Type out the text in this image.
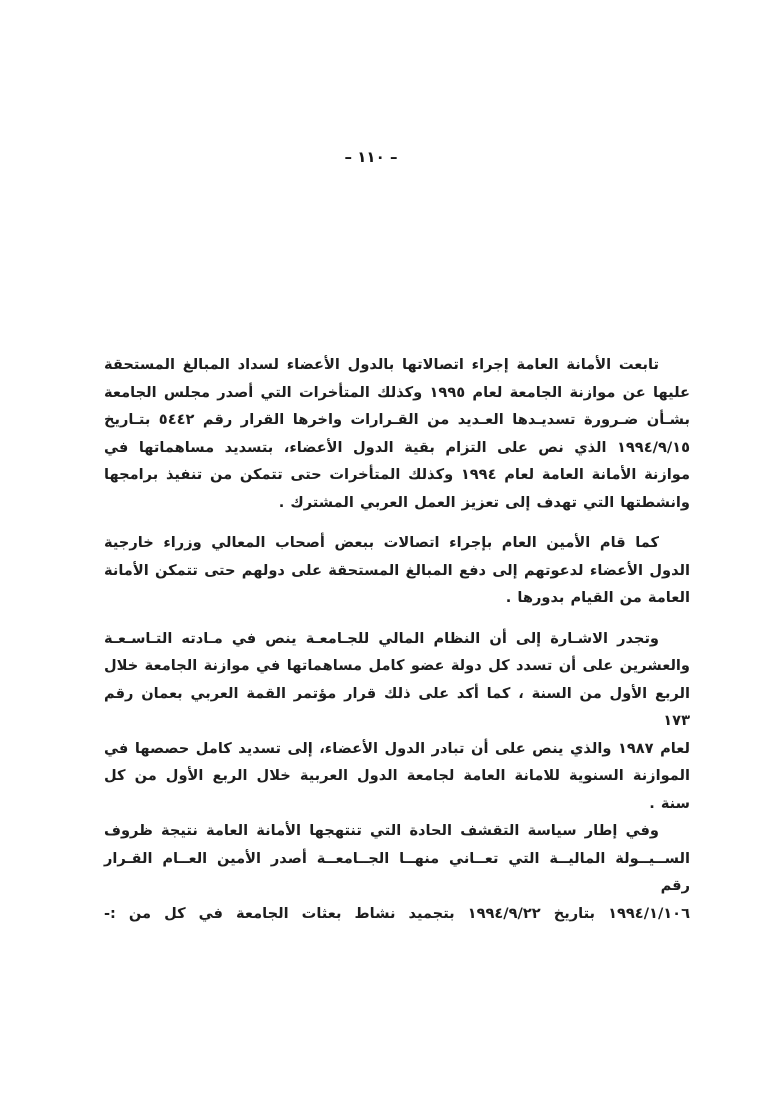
– ١١٠ –
تابعت الأمانة العامة إجراء اتصالاتها بالدول الأعضاء لسداد المبالغ المستحقة
عليها عن موازنة الجامعة لعام ١٩٩٥ وكذلك المتأخرات التي أصدر مجلس الجامعة
بشـأن ضـرورة تسديـدها العـديد من القـرارات واخرها القرار رقم ٥٤٤٢ بتـاريخ
١٩٩٤/٩/١٥ الذي نص على التزام بقية الدول الأعضاء، بتسديد مساهماتها في
موازنة الأمانة العامة لعام ١٩٩٤ وكذلك المتأخرات حتى تتمكن من تنفيذ برامجها
وانشطتها التي تهدف إلى تعزيز العمل العربي المشترك .
كما قام الأمين العام بإجراء اتصالات ببعض أصحاب المعالي وزراء خارجية
الدول الأعضاء لدعوتهم إلى دفع المبالغ المستحقة على دولهم حتى تتمكن الأمانة
العامة من القيام بدورها .
وتجدر الاشـارة إلى أن النظام المالي للجـامعـة ينص في مـادته التـاسـعـة
والعشرين على أن تسدد كل دولة عضو كامل مساهماتها في موازنة الجامعة خلال
الربع الأول من السنة ، كما أكد على ذلك قرار مؤتمر القمة العربي بعمان رقم ١٧٣
لعام ١٩٨٧ والذي ينص على أن تبادر الدول الأعضاء، إلى تسديد كامل حصصها في
الموازنة السنوية للامانة العامة لجامعة الدول العربية خلال الربع الأول من كل
سنة .
وفي إطار سياسة التقشف الحادة التي تنتهجها الأمانة العامة نتيجة ظروف
الســيــولة الماليــة التي تعــاني منهــا الجــامعــة أصدر الأمين العــام القـرار رقم
١٩٩٤/١/١٠٦ بتاريخ ١٩٩٤/٩/٢٢ بتجميد نشاط بعثات الجامعة في كل من :-
